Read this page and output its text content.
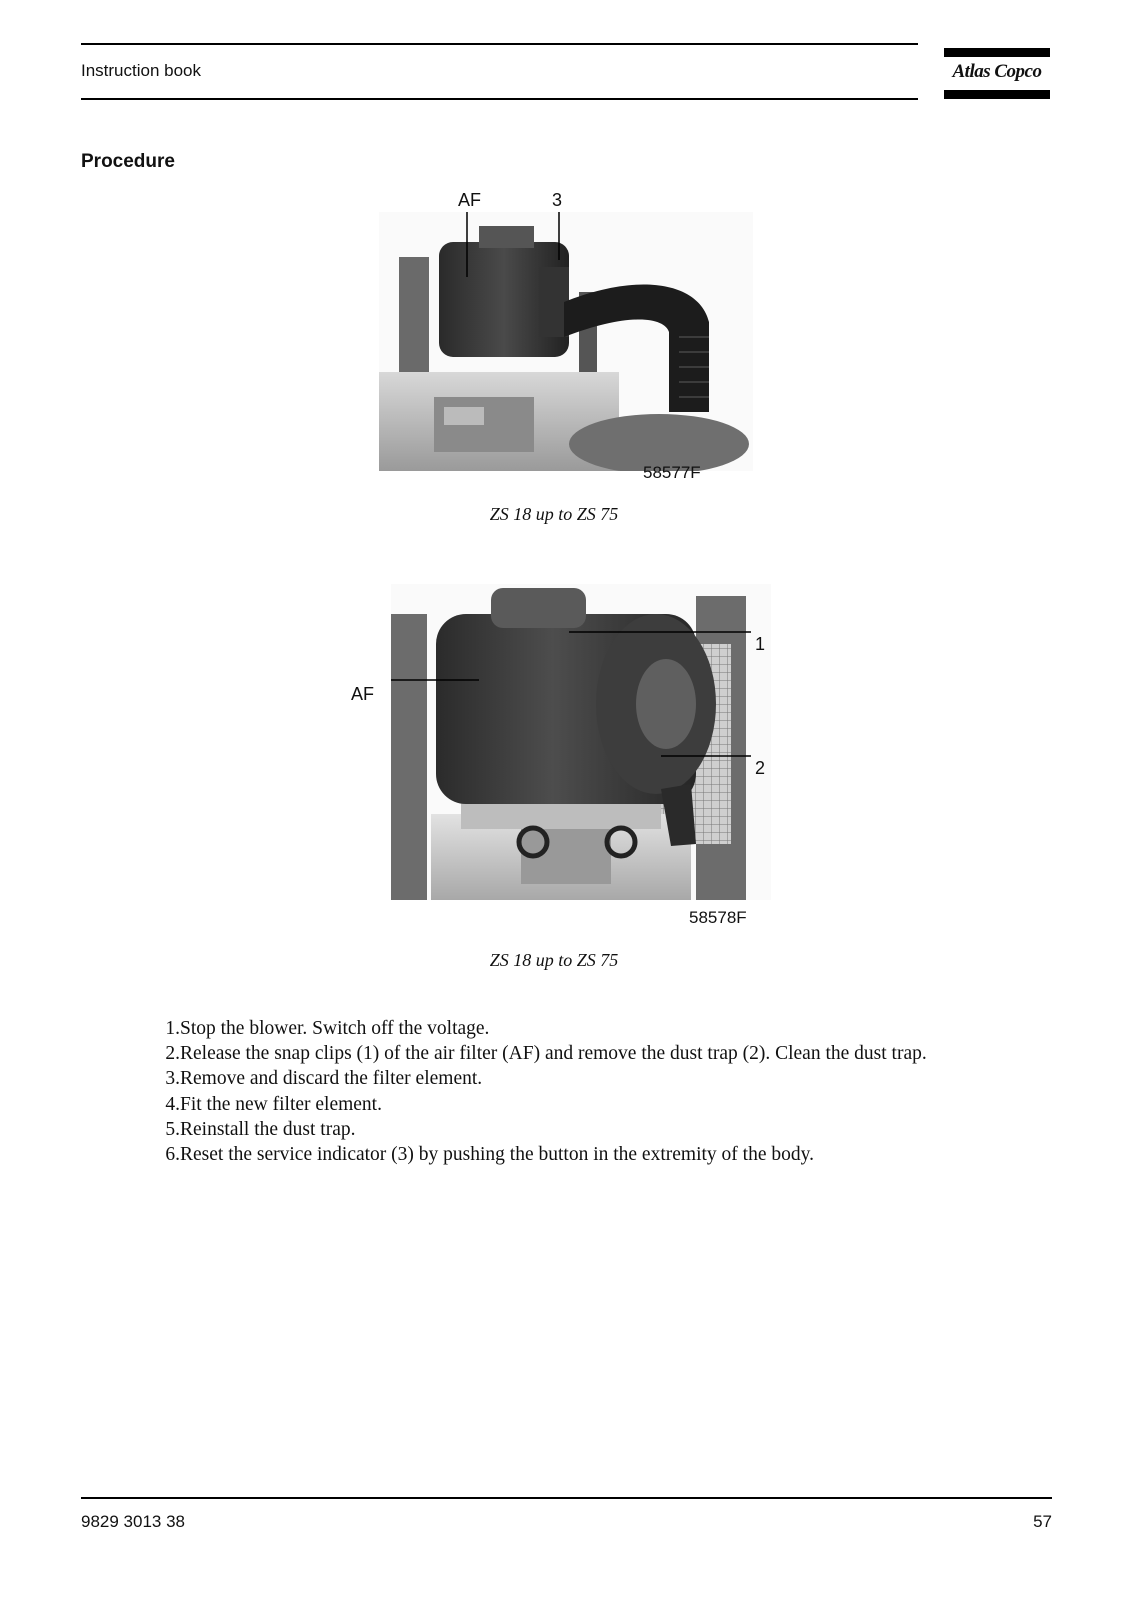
Instruction book	Atlas Copco
Procedure
AF	3
58577F
ZS 18 up to ZS 75
AF
1
2
58578F
ZS 18 up to ZS 75
1.Stop the blower. Switch off the voltage.
2.Release the snap clips (1) of the air filter (AF) and remove the dust trap (2). Clean the dust trap.
3.Remove and discard the filter element.
4.Fit the new filter element.
5.Reinstall the dust trap.
6.Reset the service indicator (3) by pushing the button in the extremity of the body.
9829 3013 38	57
